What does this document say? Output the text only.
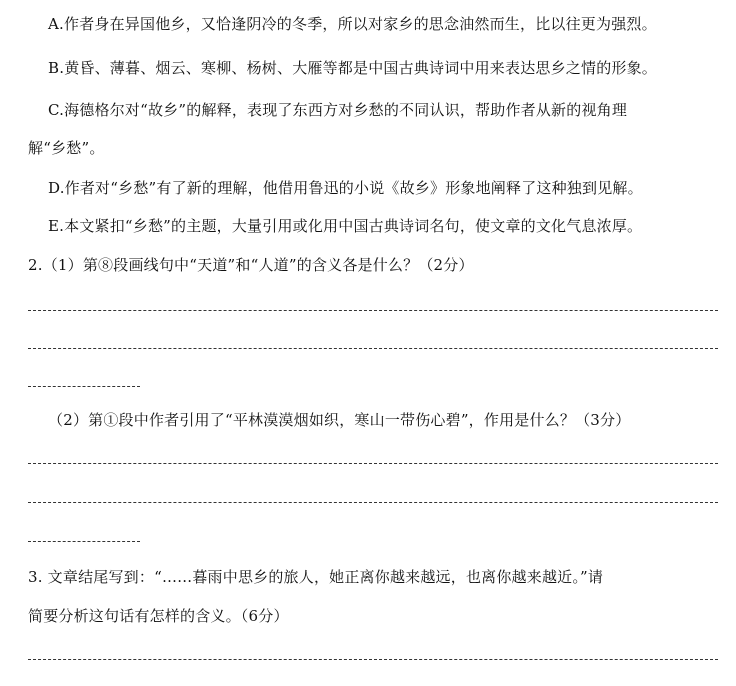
A.作者身在异国他乡，又恰逢阴冷的冬季，所以对家乡的思念油然而生，比以往更为强烈。
B.黄昏、薄暮、烟云、寒柳、杨树、大雁等都是中国古典诗词中用来表达思乡之情的形象。
C.海德格尔对“故乡”的解释，表现了东西方对乡愁的不同认识，帮助作者从新的视角理
解“乡愁”。
D.作者对“乡愁”有了新的理解，他借用鲁迅的小说《故乡》形象地阐释了这种独到见解。
E.本文紧扣“乡愁”的主题，大量引用或化用中国古典诗词名句，使文章的文化气息浓厚。
2.（1）第⑧段画线句中“天道”和“人道”的含义各是什么？（2分）
（2）第①段中作者引用了“平林漠漠烟如织，寒山一带伤心碧”，作用是什么？（3分）
3. 文章结尾写到：“……暮雨中思乡的旅人，她正离你越来越远，也离你越来越近。”请
简要分析这句话有怎样的含义。（6分）
